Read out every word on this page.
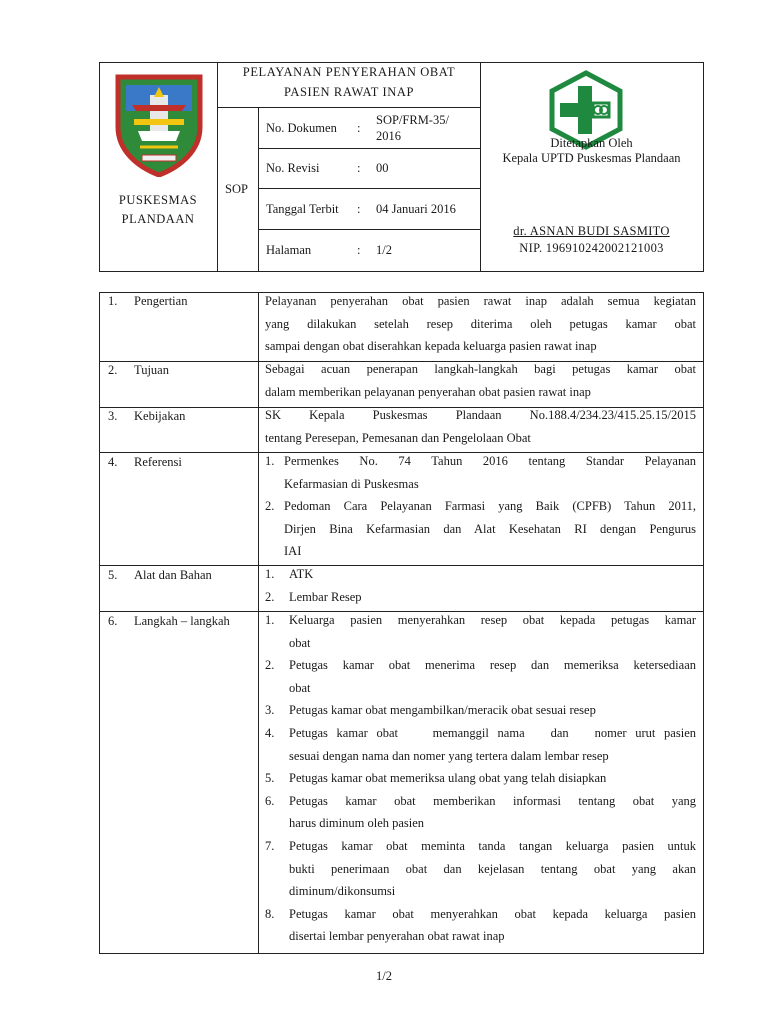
PUSKESMAS
PLANDAAN
PELAYANAN PENYERAHAN OBAT
PASIEN RAWAT INAP
SOP
No. Dokumen :
SOP/FRM-35/
2016
No. Revisi	: 00
Tanggal Terbit : 04 Januari 2016
Halaman	: 1/2
Ditetapkan Oleh
Kepala UPTD Puskesmas Plandaan
dr. ASNAN BUDI SASMITO
NIP. 196910242002121003
1. Pengertian
2. Tujuan
3. Kebijakan
4. Referensi
5. Alat dan Bahan
6. Langkah – langkah
Pelayanan penyerahan obat pasien rawat inap adalah semua kegiatan
yang dilakukan setelah resep diterima oleh petugas kamar obat
sampai dengan obat diserahkan kepada keluarga pasien rawat inap
Sebagai acuan penerapan langkah-langkah bagi petugas kamar obat
dalam memberikan pelayanan penyerahan obat pasien rawat inap
SK Kepala Puskesmas Plandaan No.188.4/234.23/415.25.15/2015
tentang Peresepan, Pemesanan dan Pengelolaan Obat
1. Permenkes No. 74 Tahun 2016 tentang Standar Pelayanan
Kefarmasian di Puskesmas
2. Pedoman Cara Pelayanan Farmasi yang Baik (CPFB) Tahun 2011,
Dirjen Bina Kefarmasian dan Alat Kesehatan RI dengan Pengurus
IAI
1. ATK
2. Lembar Resep
1. Keluarga pasien menyerahkan resep obat kepada petugas kamar
obat
2. Petugas kamar obat menerima resep dan memeriksa ketersediaan
obat
3. Petugas kamar obat mengambilkan/meracik obat sesuai resep
4. Petugas kamar obat    memanggil nama   dan   nomer urut pasien
sesuai dengan nama dan nomer yang tertera dalam lembar resep
5. Petugas kamar obat memeriksa ulang obat yang telah disiapkan
6. Petugas kamar obat memberikan informasi tentang obat yang
harus diminum oleh pasien
7. Petugas kamar obat meminta tanda tangan keluarga pasien untuk
bukti penerimaan obat dan kejelasan tentang obat yang akan
diminum/dikonsumsi
8. Petugas kamar obat menyerahkan obat kepada keluarga pasien
disertai lembar penyerahan obat rawat inap
1/2
